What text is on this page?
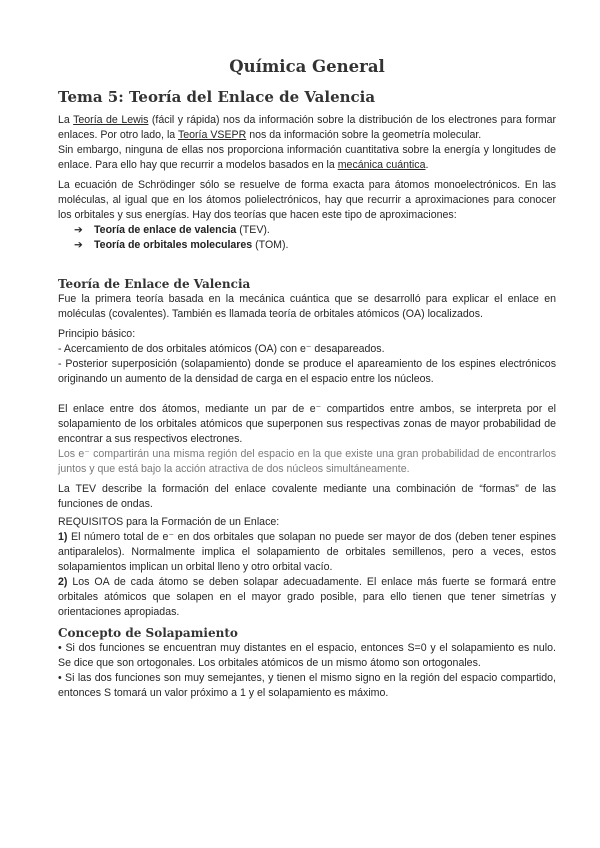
Química General
Tema 5: Teoría del Enlace de Valencia

La Teoría de Lewis (fácil y rápida) nos da información sobre la distribución de los electrones para formar enlaces. Por otro lado, la Teoría VSEPR nos da información sobre la geometría molecular.

Sin embargo, ninguna de ellas nos proporciona información cuantitativa sobre la energía y longitudes de enlace. Para ello hay que recurrir a modelos basados en la mecánica cuántica.

La ecuación de Schrödinger sólo se resuelve de forma exacta para átomos monoelectrónicos. En las moléculas, al igual que en los átomos polielectrónicos, hay que recurrir a aproximaciones para conocer los orbitales y sus energías. Hay dos teorías que hacen este tipo de aproximaciones:

➔ Teoría de enlace de valencia (TEV).
➔ Teoría de orbitales moleculares (TOM).
Teoría de Enlace de Valencia

Fue la primera teoría basada en la mecánica cuántica que se desarrolló para explicar el enlace en moléculas (covalentes). También es llamada teoría de orbitales atómicos (OA) localizados.

Principio básico:

- Acercamiento de dos orbitales atómicos (OA) con e⁻ desapareados.

- Posterior superposición (solapamiento) donde se produce el apareamiento de los espines electrónicos originando un aumento de la densidad de carga en el espacio entre los núcleos.

El enlace entre dos átomos, mediante un par de e⁻ compartidos entre ambos, se interpreta por el solapamiento de los orbitales atómicos que superponen sus respectivas zonas de mayor probabilidad de encontrar a sus respectivos electrones.

Los e⁻ compartirán una misma región del espacio en la que existe una gran probabilidad de encontrarlos juntos y que está bajo la acción atractiva de dos núcleos simultáneamente.

La TEV describe la formación del enlace covalente mediante una combinación de “formas” de las funciones de ondas.

REQUISITOS para la Formación de un Enlace:

1) El número total de e⁻ en dos orbitales que solapan no puede ser mayor de dos (deben tener espines antiparalelos). Normalmente implica el solapamiento de orbitales semillenos, pero a veces, estos solapamientos implican un orbital lleno y otro orbital vacío.

2) Los OA de cada átomo se deben solapar adecuadamente. El enlace más fuerte se formará entre orbitales atómicos que solapen en el mayor grado posible, para ello tienen que tener simetrías y orientaciones apropiadas.

Concepto de Solapamiento

• Si dos funciones se encuentran muy distantes en el espacio, entonces S=0 y el solapamiento es nulo. Se dice que son ortogonales. Los orbitales atómicos de un mismo átomo son ortogonales.

• Si las dos funciones son muy semejantes, y tienen el mismo signo en la región del espacio compartido, entonces S tomará un valor próximo a 1 y el solapamiento es máximo.
